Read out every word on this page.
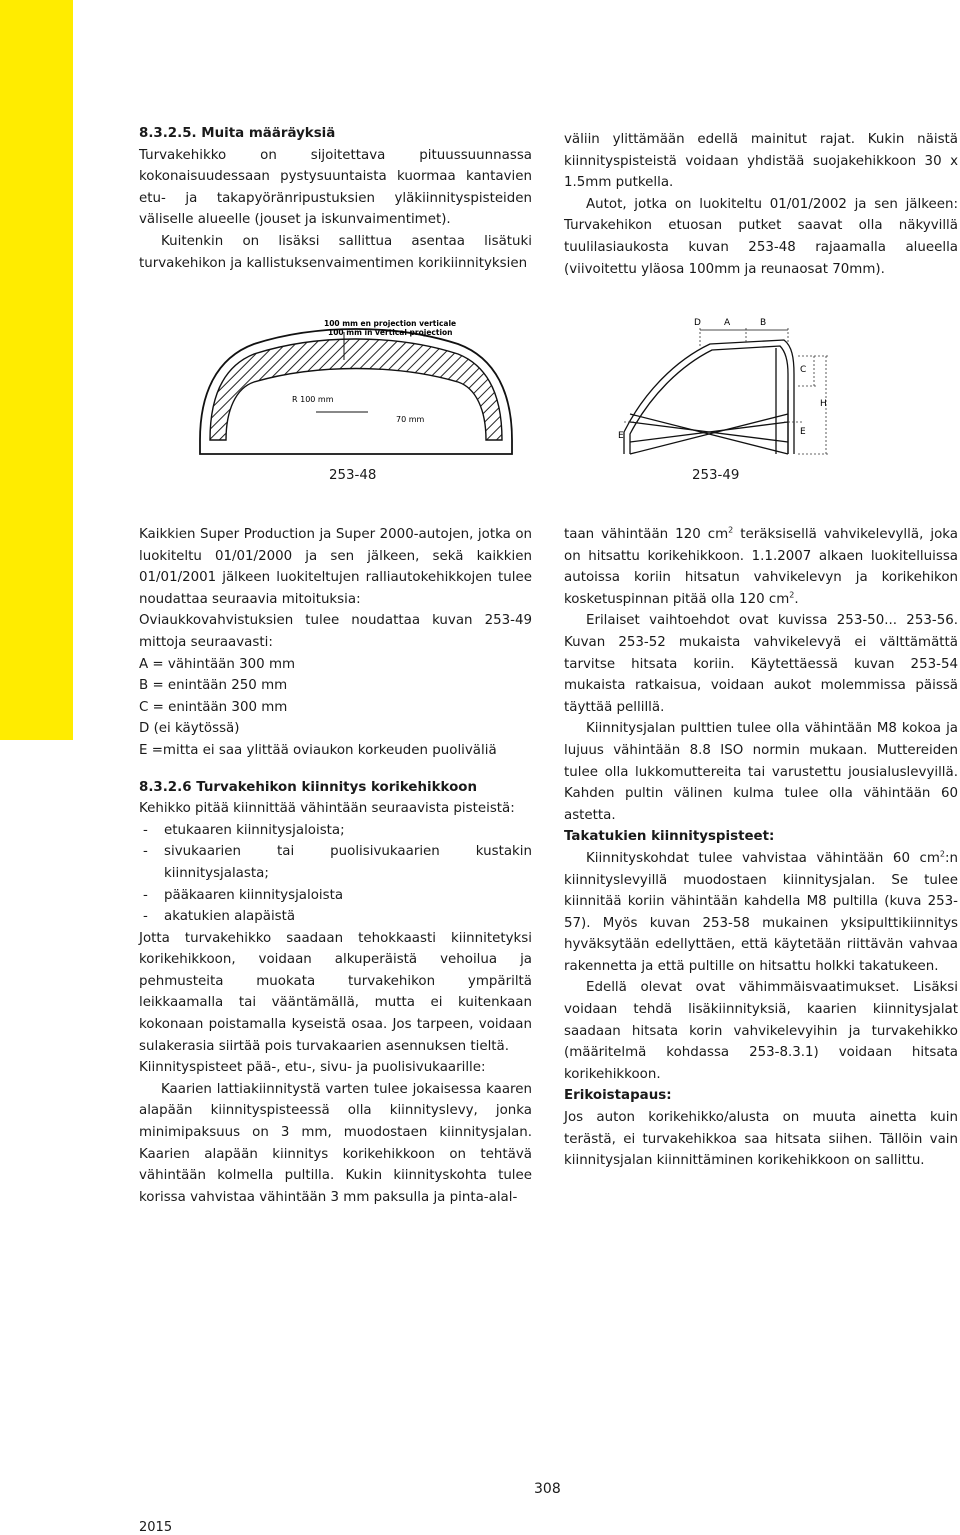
8.3.2.5. Muita määräyksiä

Turvakehikko on sijoitettava pituussuunnassa kokonaisuudessaan pystysuuntaista kuormaa kantavien etu- ja takapyöränripustuksien yläkiinnityspisteiden väliselle alueelle (jouset ja iskunvaimentimet).

Kuitenkin on lisäksi sallittua asentaa lisätuki turvakehikon ja kallistuksenvaimentimen korikiinnityksien

väliin ylittämään edellä mainitut rajat. Kukin näistä kiinnityspisteistä voidaan yhdistää suojakehikkoon 30 x 1.5mm putkella.

Autot, jotka on luokiteltu 01/01/2002 ja sen jälkeen: Turvakehikon etuosan putket saavat olla näkyvillä tuulilasiaukosta kuvan 253-48 rajaamalla alueella (viivoitettu yläosa 100mm ja reunaosat 70mm).

100 mm en projection verticale
100 mm in vertical projection
R 100 mm
70 mm
D	A	B
C
H
E	E
253-48	253-49

Kaikkien Super Production ja Super 2000-autojen, jotka on luokiteltu 01/01/2000 ja sen jälkeen, sekä kaikkien 01/01/2001 jälkeen luokiteltujen ralliautokehikkojen tulee noudattaa seuraavia mitoituksia:

Oviaukkovahvistuksien tulee noudattaa kuvan 253-49 mittoja seuraavasti:

A = vähintään 300 mm

B = enintään 250 mm

C = enintään 300 mm

D (ei käytössä)

E =mitta ei saa ylittää oviaukon korkeuden puoliväliä

8.3.2.6 Turvakehikon kiinnitys korikehikkoon

Kehikko pitää kiinnittää vähintään seuraavista pisteistä:

- etukaaren kiinnitysjaloista;

- sivukaarien tai puolisivukaarien kustakin kiinnitysjalasta;

- pääkaaren kiinnitysjaloista

- akatukien alapäistä

Jotta turvakehikko saadaan tehokkaasti kiinnitetyksi korikehikkoon, voidaan alkuperäistä vehoilua ja pehmusteita muokata turvakehikon ympäriltä leikkaamalla tai vääntämällä, mutta ei kuitenkaan kokonaan poistamalla kyseistä osaa. Jos tarpeen, voidaan sulakerasia siirtää pois turvakaarien asennuksen tieltä.

Kiinnityspisteet pää-, etu-, sivu- ja puolisivukaarille:

Kaarien lattiakiinnitystä varten tulee jokaisessa kaaren alapään kiinnityspisteessä olla kiinnityslevy, jonka minimipaksuus on 3 mm, muodostaen kiinnitysjalan. Kaarien alapään kiinnitys korikehikkoon on tehtävä vähintään kolmella pultilla. Kukin kiinnityskohta tulee korissa vahvistaa vähintään 3 mm paksulla ja pinta-alal-

taan vähintään 120 $cm^2$ teräksisellä vahvikelevyllä, joka on hitsattu korikehikkoon. 1.1.2007 alkaen luokitelluissa autoissa koriin hitsatun vahvikelevyn ja korikehikon kosketuspinnan pitää olla 120 $cm^2$.

Erilaiset vaihtoehdot ovat kuvissa 253-50... 253-56. Kuvan 253-52 mukaista vahvikelevyä ei välttämättä tarvitse hitsata koriin. Käytettäessä kuvan 253-54 mukaista ratkaisua, voidaan aukot molemmissa päissä täyttää pellillä.

Kiinnitysjalan pulttien tulee olla vähintään M8 kokoa ja lujuus vähintään 8.8 ISO normin mukaan. Muttereiden tulee olla lukkomuttereita tai varustettu jousialuslevyillä. Kahden pultin välinen kulma tulee olla vähintään 60 astetta.

Takatukien kiinnityspisteet:

Kiinnityskohdat tulee vahvistaa vähintään 60 $cm^2:n$ kiinnityslevyillä muodostaen kiinnitysjalan. Se tulee kiinnitää koriin vähintään kahdella M8 pultilla (kuva 253-57). Myös kuvan 253-58 mukainen yksipulttikiinnitys hyväksytään edellyttäen, että käytetään riittävän vahvaa rakennetta ja että pultille on hitsattu holkki takatukeen.

Edellä olevat ovat vähimmäisvaatimukset. Lisäksi voidaan tehdä lisäkiinnityksiä, kaarien kiinnitysjalat saadaan hitsata korin vahvikelevyihin ja turvakehikko (määritelmä kohdassa 253-8.3.1) voidaan hitsata korikehikkoon.

Erikoistapaus:

Jos auton korikehikko/alusta on muuta ainetta kuin terästä, ei turvakehikkoa saa hitsata siihen. Tällöin vain kiinnitysjalan kiinnittäminen korikehikkoon on sallittu.

308
2015
